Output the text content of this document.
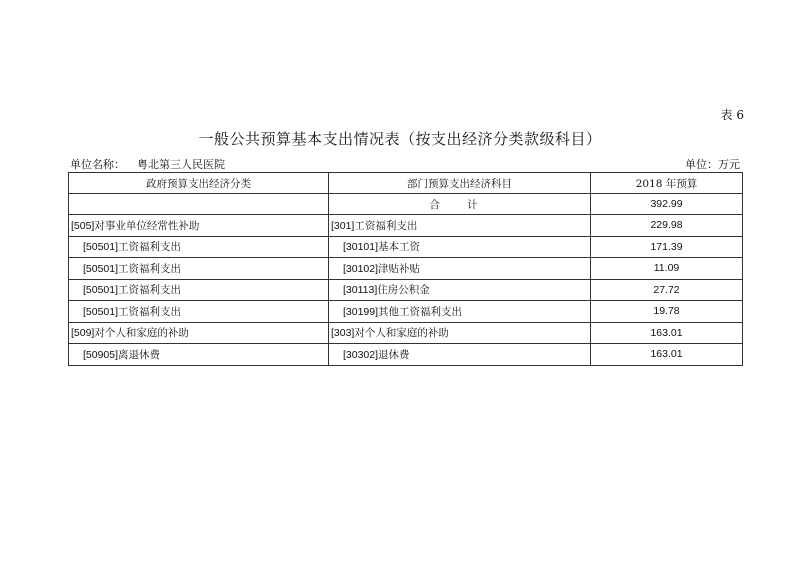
表 6
一般公共预算基本支出情况表（按支出经济分类款级科目）
单位名称： 粤北第三人民医院	单位：万元
政府预算支出经济分类	部门预算支出经济科目	2018 年预算
	合 计	392.99
[505]对事业单位经常性补助	[301]工资福利支出	229.98
[50501]工资福利支出	[30101]基本工资	171.39
[50501]工资福利支出	[30102]津贴补贴	11.09
[50501]工资福利支出	[30113]住房公积金	27.72
[50501]工资福利支出	[30199]其他工资福利支出	19.78
[509]对个人和家庭的补助	[303]对个人和家庭的补助	163.01
[50905]离退休费	[30302]退休费	163.01
